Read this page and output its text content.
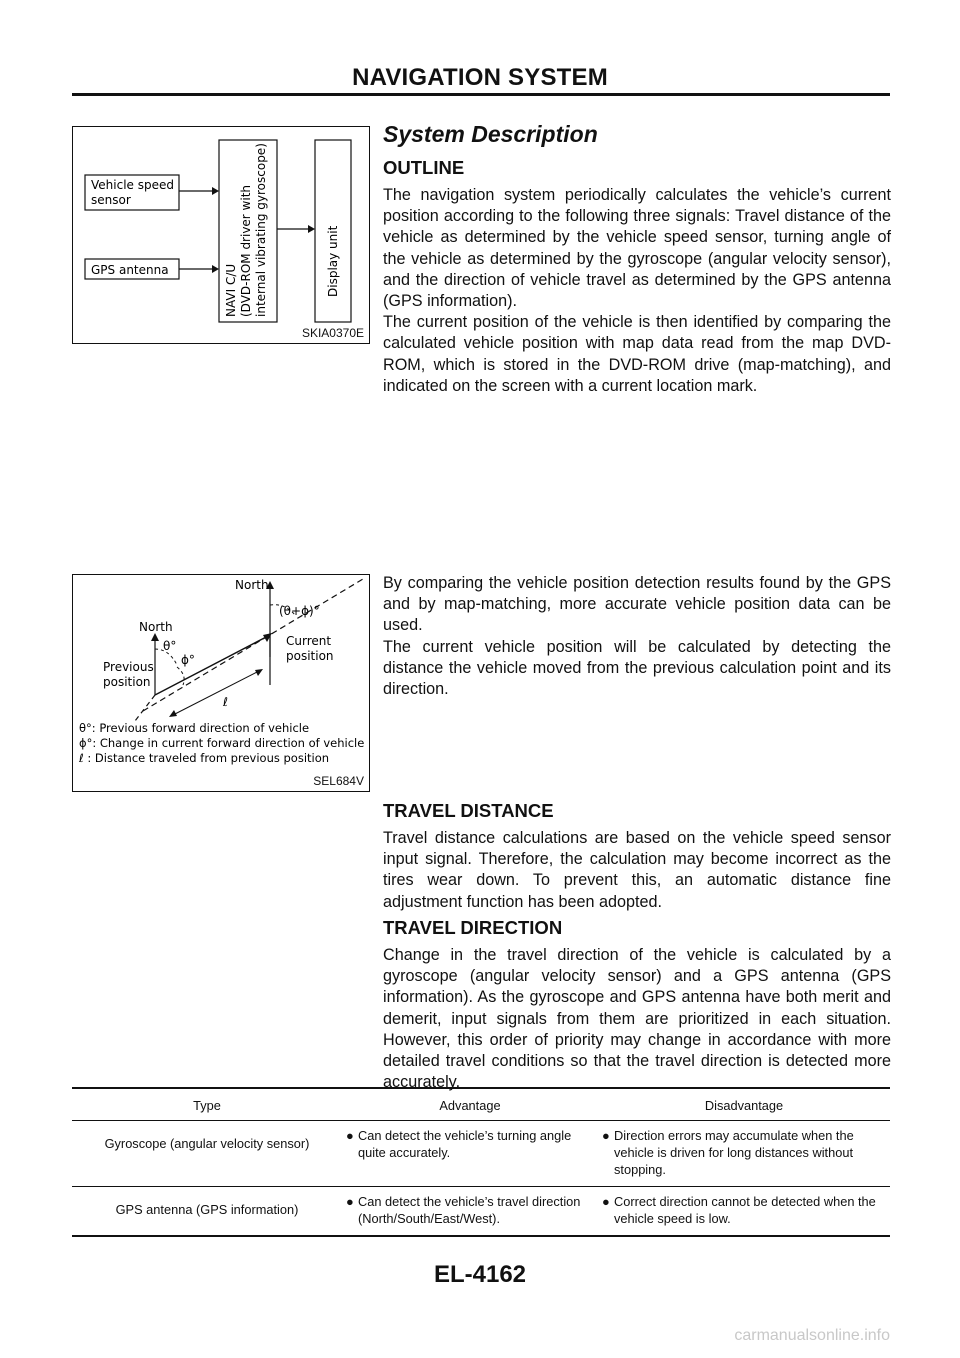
NAVIGATION SYSTEM
Vehicle speed
sensor
GPS antenna	NAVI C/U (DVD-ROM driver with internal vibrating gyroscope)	Display unit
SKIA0370E
System Description
OUTLINE

The navigation system periodically calculates the vehicle’s current position according to the following three signals: Travel distance of the vehicle as determined by the vehicle speed sensor, turning angle of the vehicle as determined by the gyroscope (angular velocity sensor), and the direction of vehicle travel as determined by the GPS antenna (GPS information).

The current position of the vehicle is then identified by comparing the calculated vehicle position with map data read from the map DVD-ROM, which is stored in the DVD-ROM drive (map-matching), and indicated on the screen with a current location mark.

North
North
(θ+ϕ)°
θ°
ϕ°
Current
position
Previous
position
ℓ
θ°: Previous forward direction of vehicle
ϕ°: Change in current forward direction of vehicle
ℓ : Distance traveled from previous position
SEL684V

By comparing the vehicle position detection results found by the GPS and by map-matching, more accurate vehicle position data can be used.

The current vehicle position will be calculated by detecting the distance the vehicle moved from the previous calculation point and its direction.

TRAVEL DISTANCE

Travel distance calculations are based on the vehicle speed sensor input signal. Therefore, the calculation may become incorrect as the tires wear down. To prevent this, an automatic distance fine adjustment function has been adopted.

TRAVEL DIRECTION

Change in the travel direction of the vehicle is calculated by a gyroscope (angular velocity sensor) and a GPS antenna (GPS information). As the gyroscope and GPS antenna have both merit and demerit, input signals from them are prioritized in each situation. However, this order of priority may change in accordance with more detailed travel conditions so that the travel direction is detected more accurately.

Type	Advantage	Disadvantage
Gyroscope (angular velocity sensor)	● Can detect the vehicle’s turning angle quite accurately.	● Direction errors may accumulate when the vehicle is driven for long distances without stopping.

GPS antenna (GPS information)	● Can detect the vehicle’s travel direction (North/South/East/West).	● Correct direction cannot be detected when the vehicle speed is low.
EL-4162
carmanualsonline.info
